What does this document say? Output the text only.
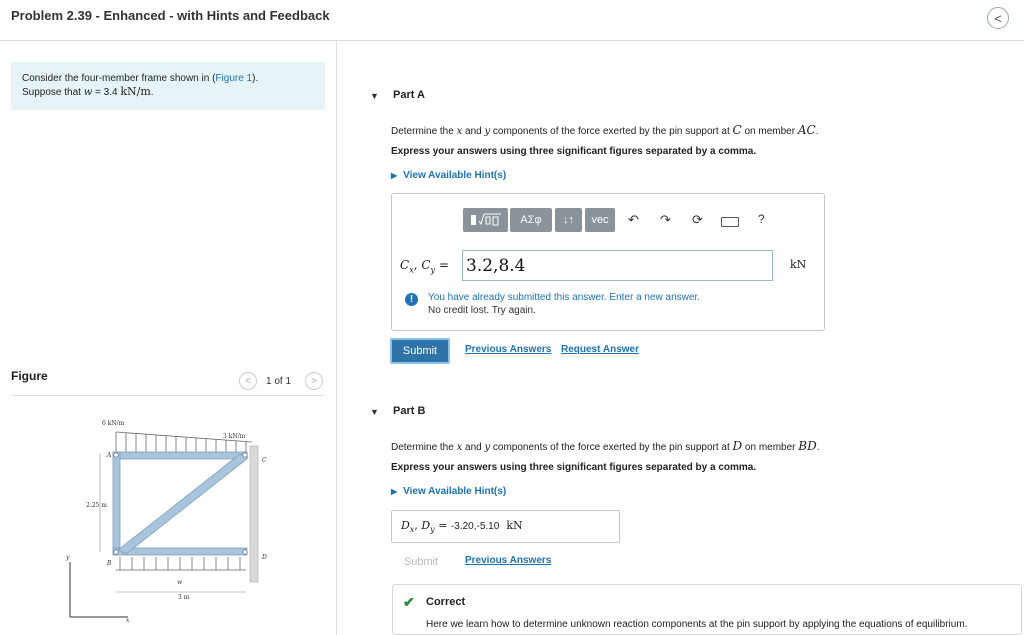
Problem 2.39 - Enhanced - with Hints and Feedback	<
Consider the four-member frame shown in (Figure 1).
Suppose that w = 3.4 kN/m.
Figure	< 1 of 1 >
6 kN/m
3 kN/m
2.25 m
3 m
A
B
C
D
w
y
x
▼ Part A
Determine the x and y components of the force exerted by the pin support at C on member AC.
Express your answers using three significant figures separated by a comma.
▶ View Available Hint(s)
ΑΣφ	↓↑	vec	↶ ↷ ⟳	?
$C_x$, $C_y = 3.2,8.4$	kN
!	You have already submitted this answer. Enter a new answer.
No credit lost. Try again.
Submit	Previous Answers Request Answer
▼ Part B
Determine the x and y components of the force exerted by the pin support at D on member BD.
Express your answers using three significant figures separated by a comma.
▶ View Available Hint(s)
$D_x$, $D_y = -3.20,-5.10$ kN
Submit	Previous Answers
✔ Correct
Here we learn how to determine unknown reaction components at the pin support by applying the equations of equilibrium.
